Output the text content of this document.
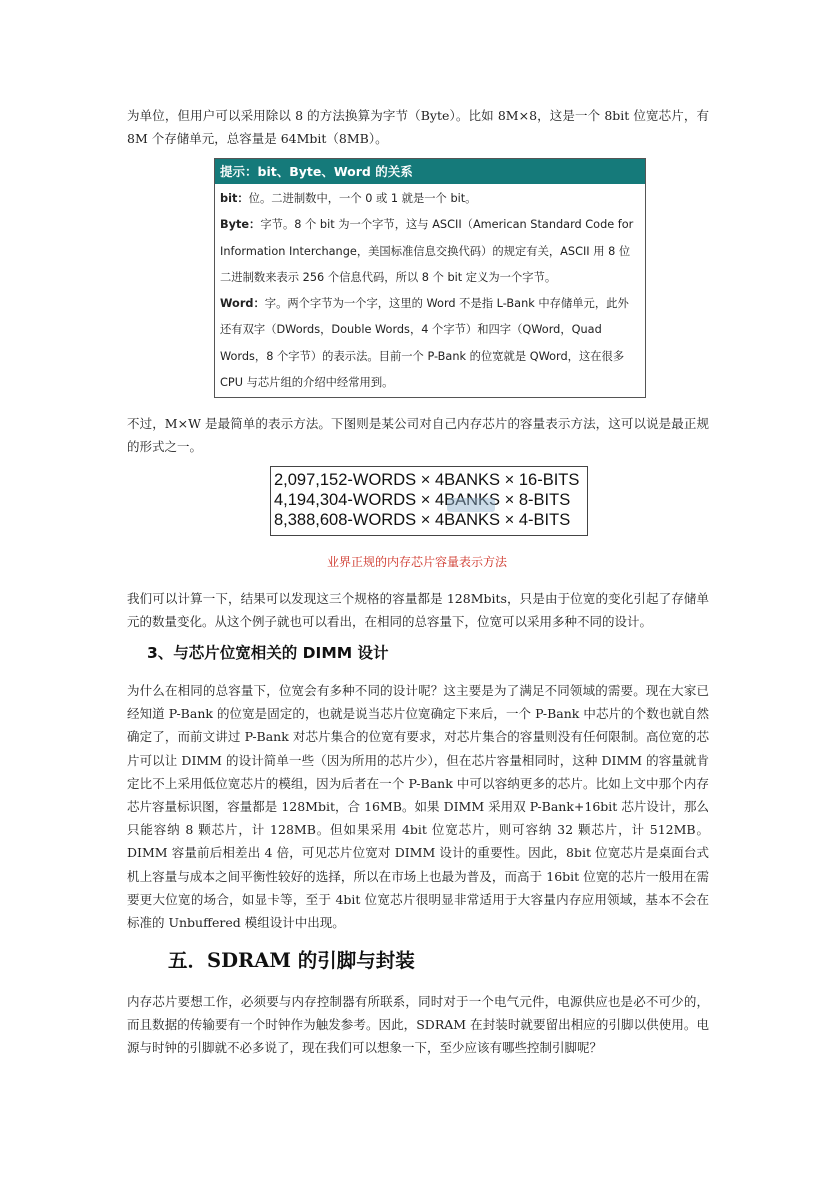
为单位，但用户可以采用除以 8 的方法换算为字节（Byte）。比如 8M×8，这是一个 8bit 位宽芯片，有 8M 个存储单元，总容量是 64Mbit（8MB）。

提示：bit、Byte、Word 的关系

bit：位。二进制数中，一个 0 或 1 就是一个 bit。

Byte：字节。8 个 bit 为一个字节，这与 ASCII（American Standard Code for Information Interchange，美国标准信息交换代码）的规定有关，ASCII 用 8 位二进制数来表示 256 个信息代码，所以 8 个 bit 定义为一个字节。

Word：字。两个字节为一个字，这里的 Word 不是指 L-Bank 中存储单元，此外还有双字（DWords，Double Words，4 个字节）和四字（QWord，Quad Words，8 个字节）的表示法。目前一个 P-Bank 的位宽就是 QWord，这在很多 CPU 与芯片组的介绍中经常用到。

不过，M×W 是最简单的表示方法。下图则是某公司对自己内存芯片的容量表示方法，这可以说是最正规的形式之一。

2,097,152-WORDS × 4BANKS × 16-BITS
4,194,304-WORDS × 4BANKS × 8-BITS
8,388,608-WORDS × 4BANKS × 4-BITS
业界正规的内存芯片容量表示方法

我们可以计算一下，结果可以发现这三个规格的容量都是 128Mbits，只是由于位宽的变化引起了存储单元的数量变化。从这个例子就也可以看出，在相同的总容量下，位宽可以采用多种不同的设计。

3、与芯片位宽相关的 DIMM 设计

为什么在相同的总容量下，位宽会有多种不同的设计呢？这主要是为了满足不同领域的需要。现在大家已经知道 P-Bank 的位宽是固定的，也就是说当芯片位宽确定下来后，一个 P-Bank 中芯片的个数也就自然确定了，而前文讲过 P-Bank 对芯片集合的位宽有要求，对芯片集合的容量则没有任何限制。高位宽的芯片可以让 DIMM 的设计简单一些（因为所用的芯片少），但在芯片容量相同时，这种 DIMM 的容量就肯定比不上采用低位宽芯片的模组，因为后者在一个 P-Bank 中可以容纳更多的芯片。比如上文中那个内存芯片容量标识图，容量都是 128Mbit，合 16MB。如果 DIMM 采用双 P-Bank+16bit 芯片设计，那么只能容纳 8 颗芯片，计 128MB。但如果采用 4bit 位宽芯片，则可容纳 32 颗芯片，计 512MB。DIMM 容量前后相差出 4 倍，可见芯片位宽对 DIMM 设计的重要性。因此，8bit 位宽芯片是桌面台式机上容量与成本之间平衡性较好的选择，所以在市场上也最为普及，而高于 16bit 位宽的芯片一般用在需要更大位宽的场合，如显卡等，至于 4bit 位宽芯片很明显非常适用于大容量内存应用领域，基本不会在标准的 Unbuffered 模组设计中出现。

五．SDRAM 的引脚与封装

内存芯片要想工作，必须要与内存控制器有所联系，同时对于一个电气元件，电源供应也是必不可少的，而且数据的传输要有一个时钟作为触发参考。因此，SDRAM 在封装时就要留出相应的引脚以供使用。电源与时钟的引脚就不必多说了，现在我们可以想象一下，至少应该有哪些控制引脚呢？
